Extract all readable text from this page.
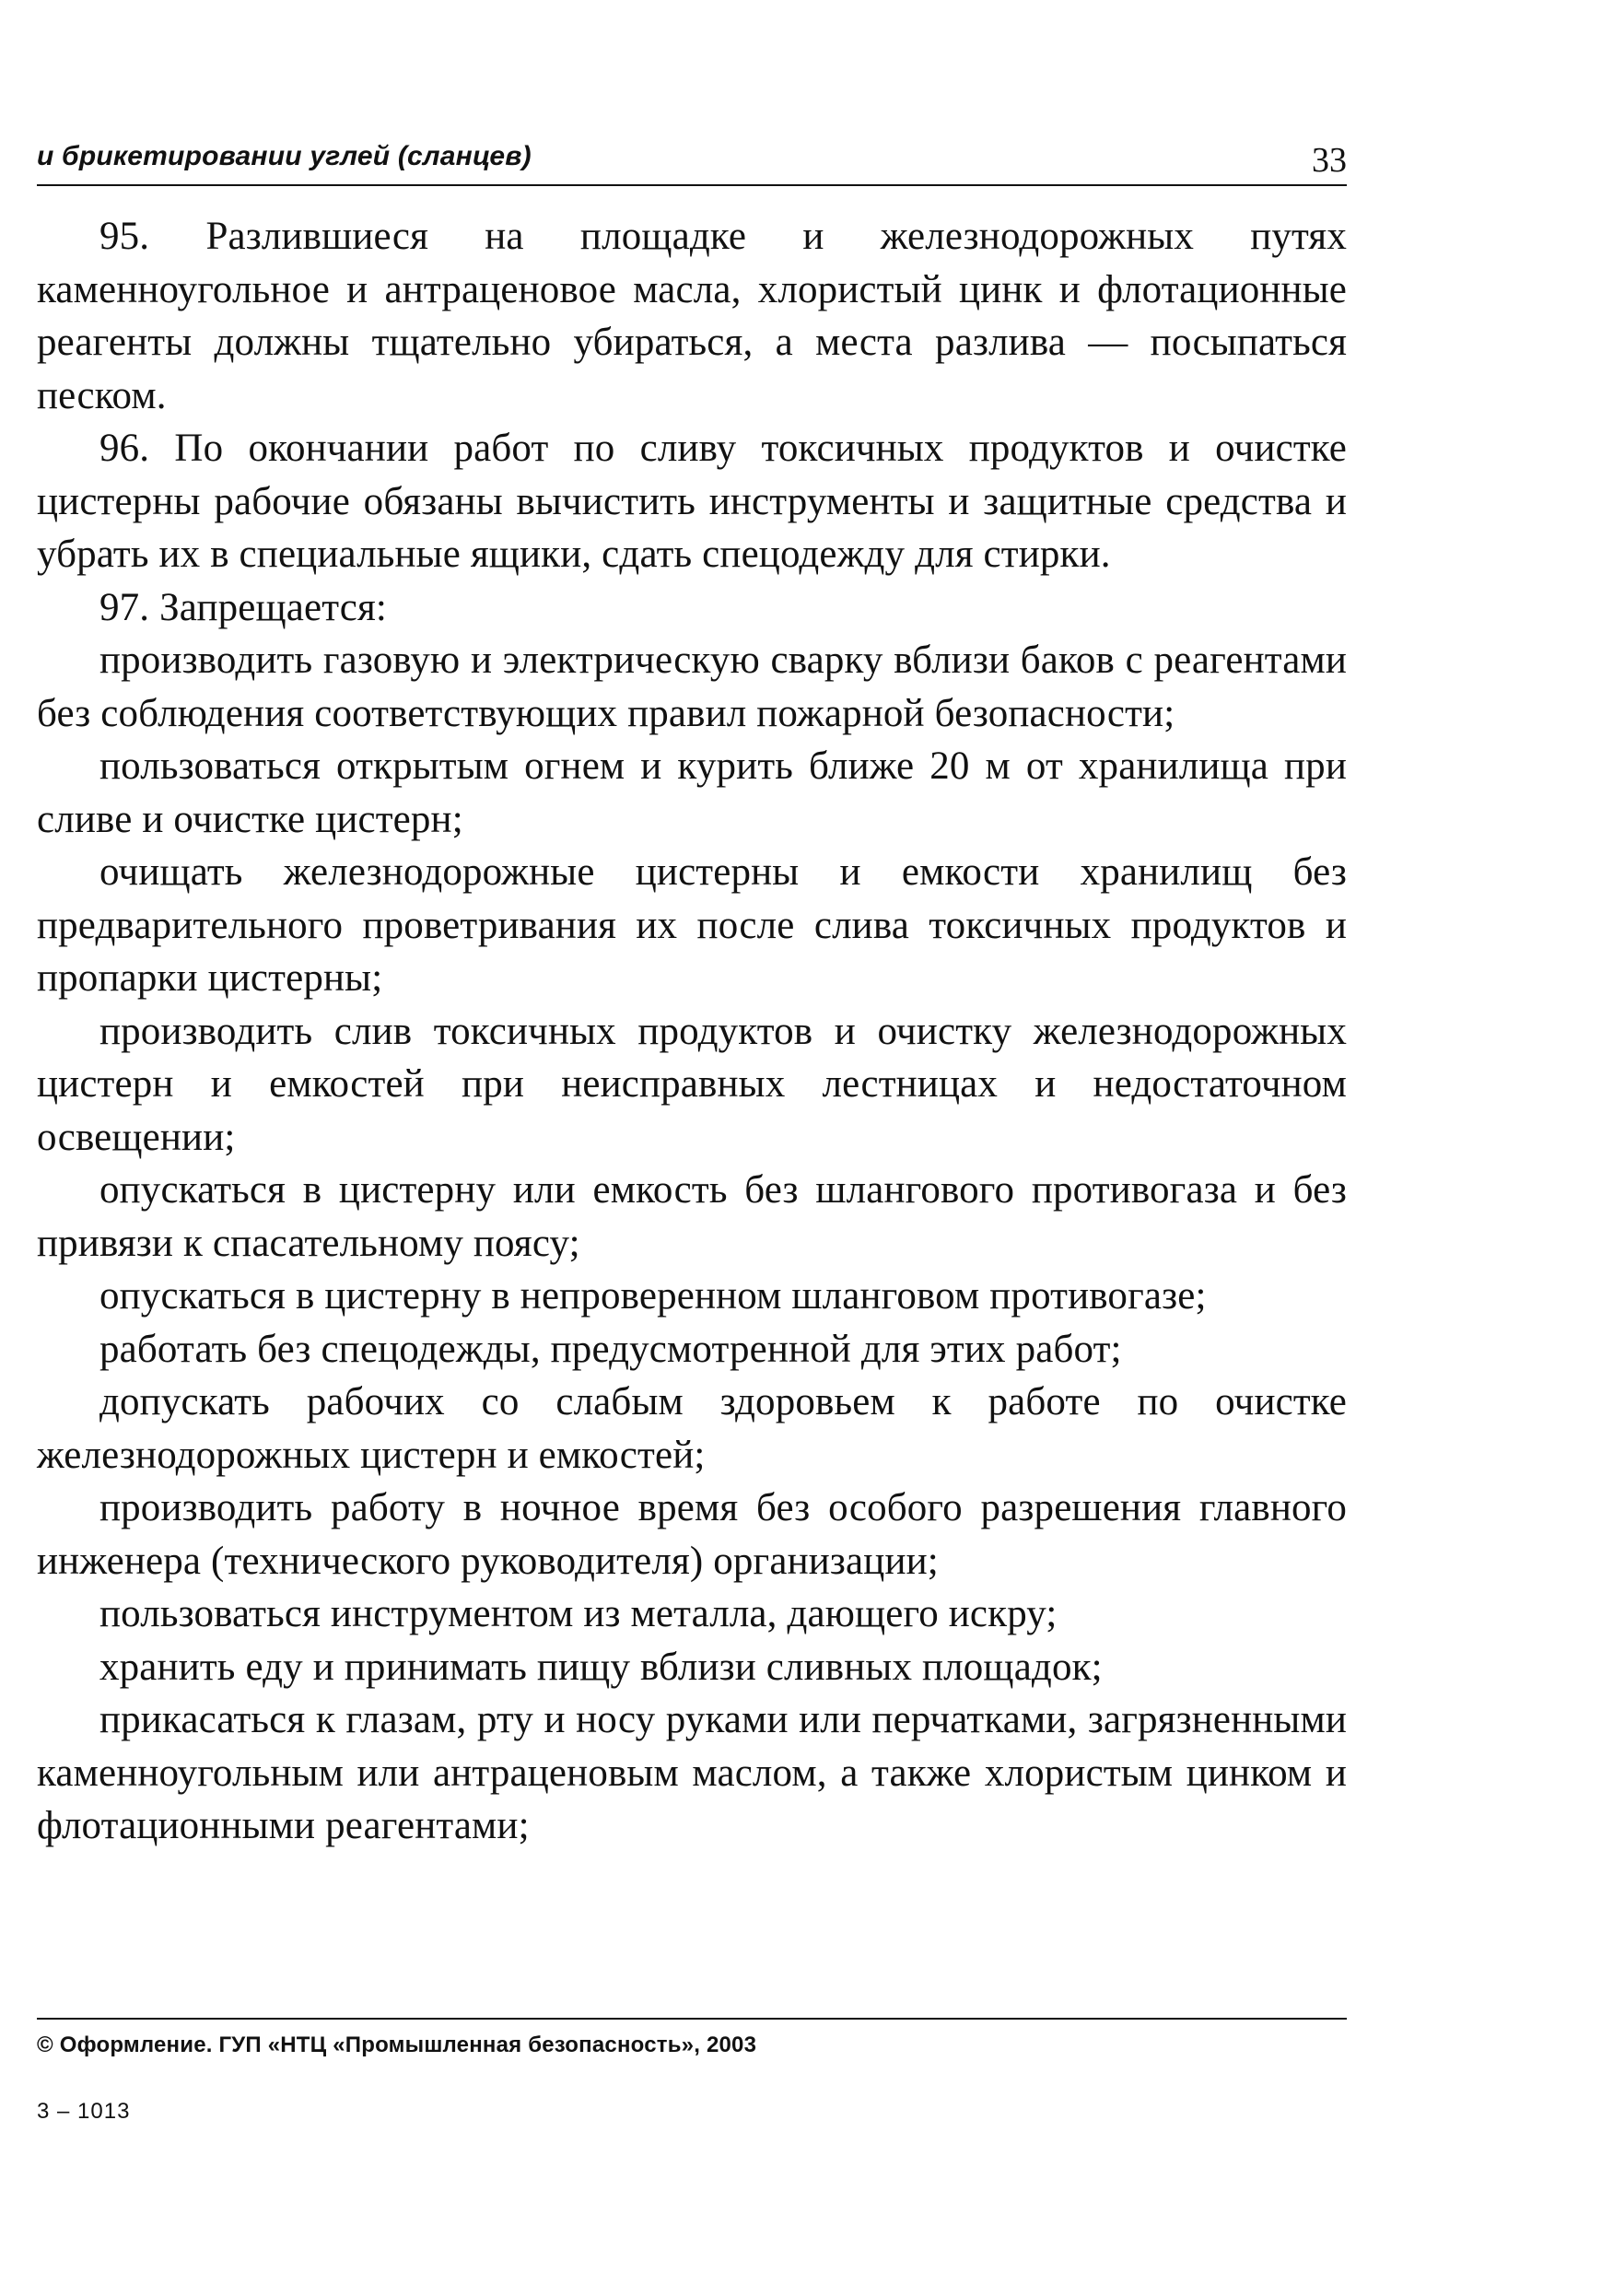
и брикетировании углей (сланцев)	33

95. Разлившиеся на площадке и железнодорожных путях каменноугольное и антраценовое масла, хлористый цинк и флотационные реагенты должны тщательно убираться, а места разлива — посыпаться песком.

96. По окончании работ по сливу токсичных продуктов и очистке цистерны рабочие обязаны вычистить инструменты и защитные средства и убрать их в специальные ящики, сдать спецодежду для стирки.

97. Запрещается:

производить газовую и электрическую сварку вблизи баков с реагентами без соблюдения соответствующих правил пожарной безопасности;

пользоваться открытым огнем и курить ближе 20 м от хранилища при сливе и очистке цистерн;

очищать железнодорожные цистерны и емкости хранилищ без предварительного проветривания их после слива токсичных продуктов и пропарки цистерны;

производить слив токсичных продуктов и очистку железнодорожных цистерн и емкостей при неисправных лестницах и недостаточном освещении;

опускаться в цистерну или емкость без шлангового противогаза и без привязи к спасательному поясу;

опускаться в цистерну в непроверенном шланговом противогазе;

работать без спецодежды, предусмотренной для этих работ;

допускать рабочих со слабым здоровьем к работе по очистке железнодорожных цистерн и емкостей;

производить работу в ночное время без особого разрешения главного инженера (технического руководителя) организации;

пользоваться инструментом из металла, дающего искру;

хранить еду и принимать пищу вблизи сливных площадок;

прикасаться к глазам, рту и носу руками или перчатками, загрязненными каменноугольным или антраценовым маслом, а также хлористым цинком и флотационными реагентами;

© Оформление. ГУП «НТЦ «Промышленная безопасность», 2003
3 – 1013
